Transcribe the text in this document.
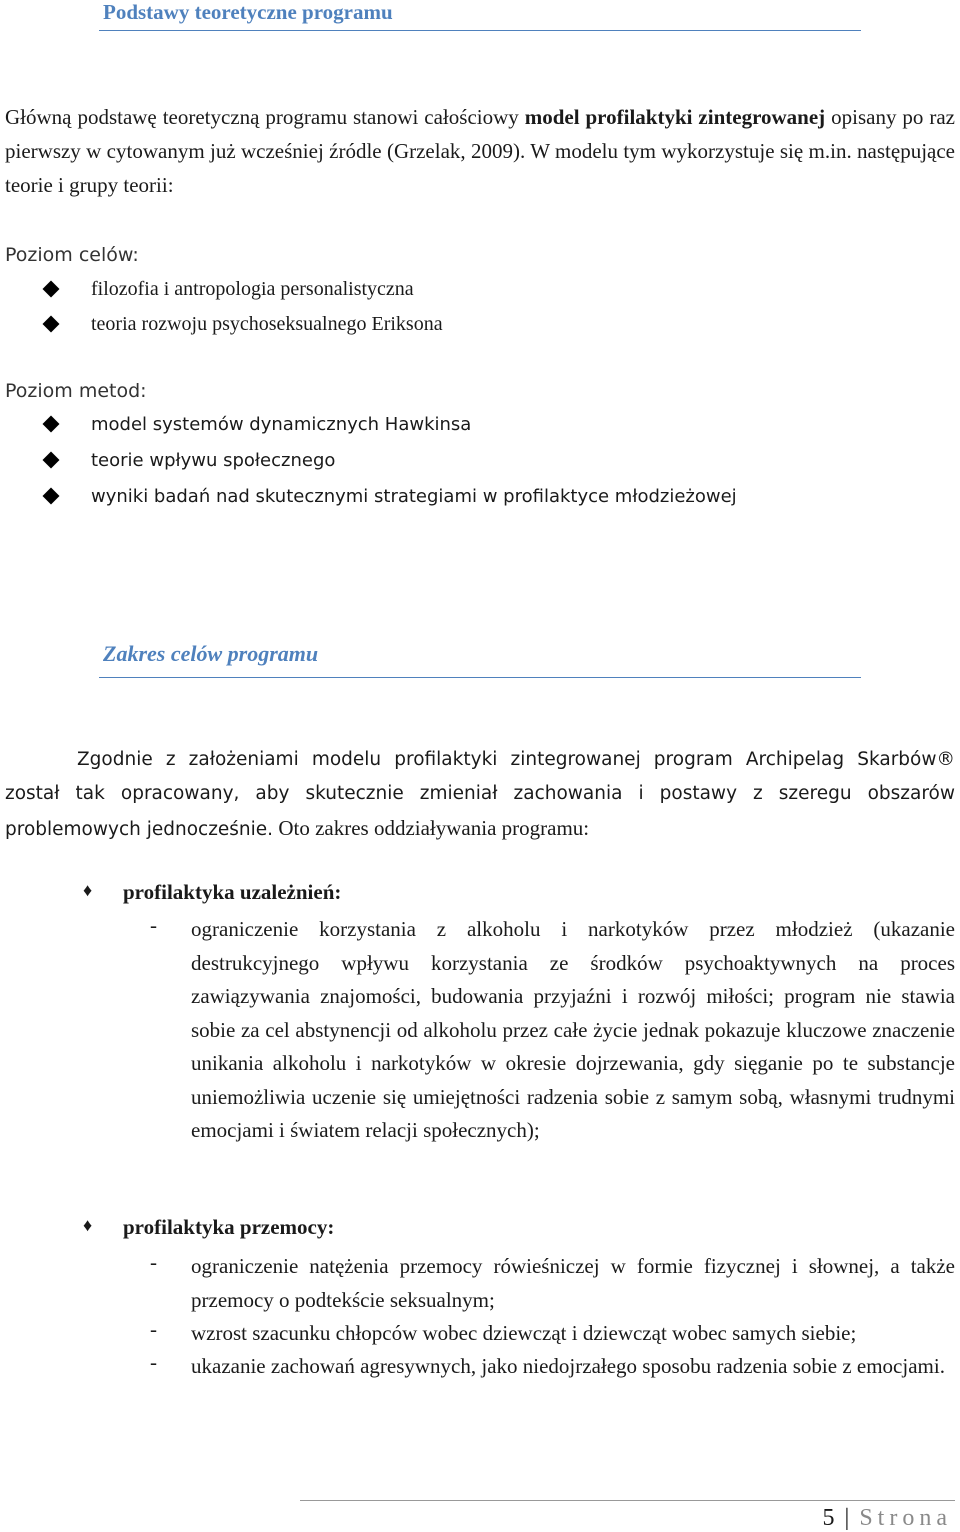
Podstawy teoretyczne programu
Główną podstawę teoretyczną programu stanowi całościowy model profilaktyki zintegrowanej opisany po raz pierwszy w cytowanym już wcześniej źródle (Grzelak, 2009). W modelu tym wykorzystuje się m.in. następujące teorie i grupy teorii:
Poziom celów:
filozofia i antropologia personalistyczna
teoria rozwoju psychoseksualnego Eriksona
Poziom metod:
model systemów dynamicznych Hawkinsa
teorie wpływu społecznego
wyniki badań nad skutecznymi strategiami w profilaktyce młodzieżowej
Zakres celów programu
Zgodnie z założeniami modelu profilaktyki zintegrowanej program Archipelag Skarbów® został tak opracowany, aby skutecznie zmieniał zachowania i postawy z szeregu obszarów problemowych jednocześnie. Oto zakres oddziaływania programu:
♦ profilaktyka uzależnień:
- ograniczenie korzystania z alkoholu i narkotyków przez młodzież (ukazanie destrukcyjnego wpływu korzystania ze środków psychoaktywnych na proces zawiązywania znajomości, budowania przyjaźni i rozwój miłości; program nie stawia sobie za cel abstynencji od alkoholu przez całe życie jednak pokazuje kluczowe znaczenie unikania alkoholu i narkotyków w okresie dojrzewania, gdy sięganie po te substancje uniemożliwia uczenie się umiejętności radzenia sobie z samym sobą, własnymi trudnymi emocjami i światem relacji społecznych);
♦ profilaktyka przemocy:
- ograniczenie natężenia przemocy rówieśniczej w formie fizycznej i słownej, a także przemocy o podtekście seksualnym;
- wzrost szacunku chłopców wobec dziewcząt i dziewcząt wobec samych siebie;
- ukazanie zachowań agresywnych, jako niedojrzałego sposobu radzenia sobie z emocjami.
5 | Strona
